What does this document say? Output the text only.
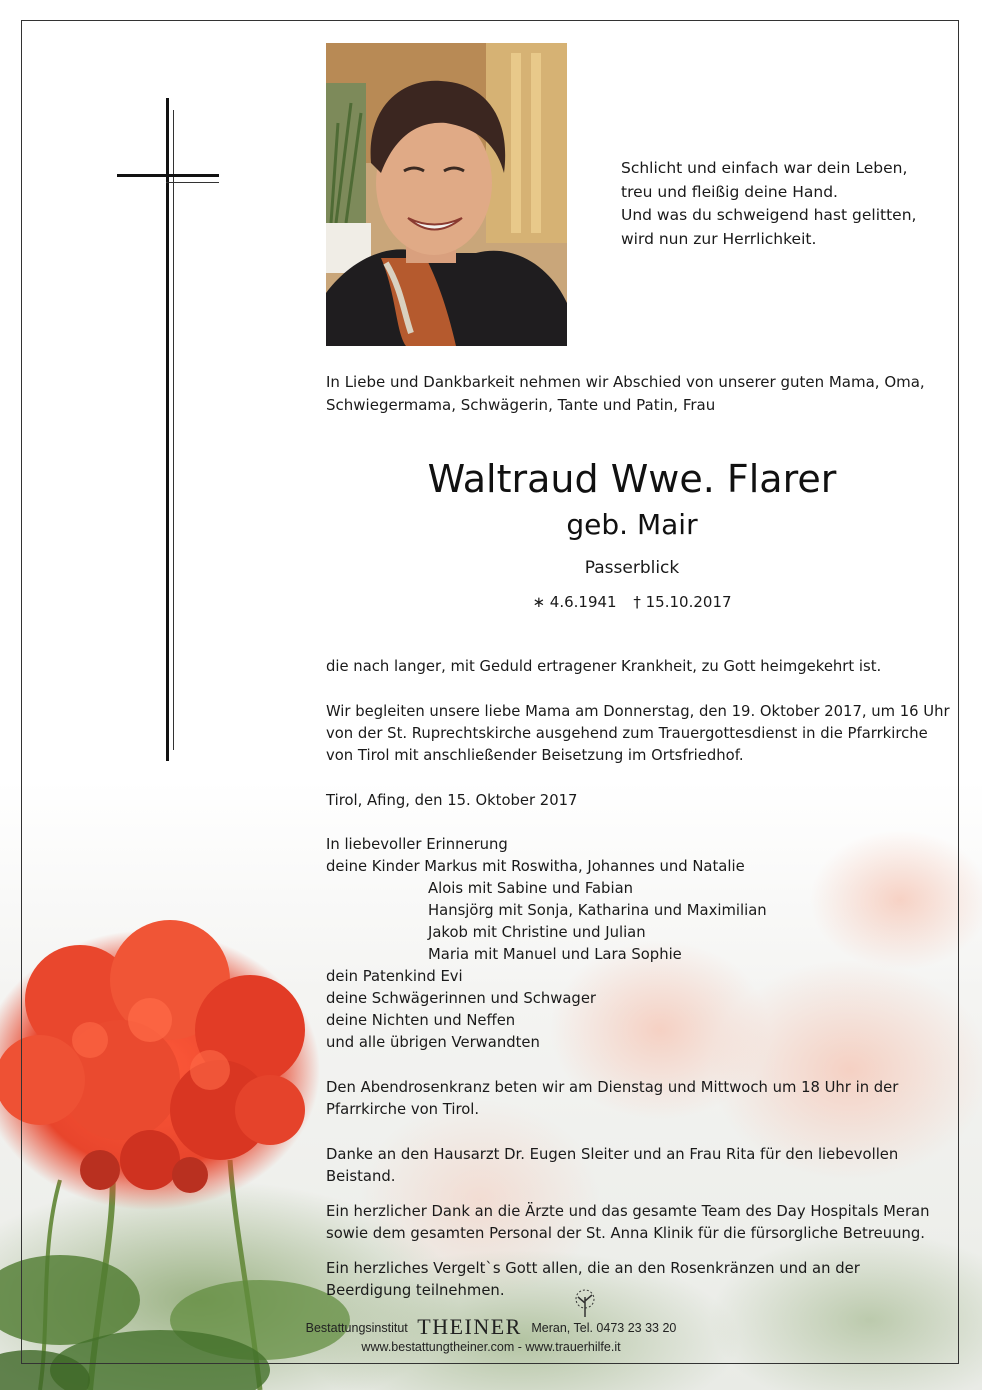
Schlicht und einfach war dein Leben,
treu und fleißig deine Hand.
Und was du schweigend hast gelitten,
wird nun zur Herrlichkeit.
In Liebe und Dankbarkeit nehmen wir Abschied von unserer guten Mama, Oma,
Schwiegermama, Schwägerin, Tante und Patin, Frau
Waltraud Wwe. Flarer
geb. Mair
Passerblick
∗ 4.6.1941 † 15.10.2017
die nach langer, mit Geduld ertragener Krankheit, zu Gott heimgekehrt ist.
Wir begleiten unsere liebe Mama am Donnerstag, den 19. Oktober 2017, um 16 Uhr
von der St. Ruprechtskirche ausgehend zum Trauergottesdienst in die Pfarrkirche
von Tirol mit anschließender Beisetzung im Ortsfriedhof.
Tirol, Afing, den 15. Oktober 2017
In liebevoller Erinnerung
deine Kinder Markus mit Roswitha, Johannes und Natalie
Alois mit Sabine und Fabian
Hansjörg mit Sonja, Katharina und Maximilian
Jakob mit Christine und Julian
Maria mit Manuel und Lara Sophie
dein Patenkind Evi
deine Schwägerinnen und Schwager
deine Nichten und Neffen
und alle übrigen Verwandten
Den Abendrosenkranz beten wir am Dienstag und Mittwoch um 18 Uhr in der
Pfarrkirche von Tirol.
Danke an den Hausarzt Dr. Eugen Sleiter und an Frau Rita für den liebevollen
Beistand.
Ein herzlicher Dank an die Ärzte und das gesamte Team des Day Hospitals Meran
sowie dem gesamten Personal der St. Anna Klinik für die fürsorgliche Betreuung.
Ein herzliches Vergelt`s Gott allen, die an den Rosenkränzen und an der
Beerdigung teilnehmen.
Bestattungsinstitut THEINER Meran, Tel. 0473 23 33 20
www.bestattungtheiner.com - www.trauerhilfe.it
